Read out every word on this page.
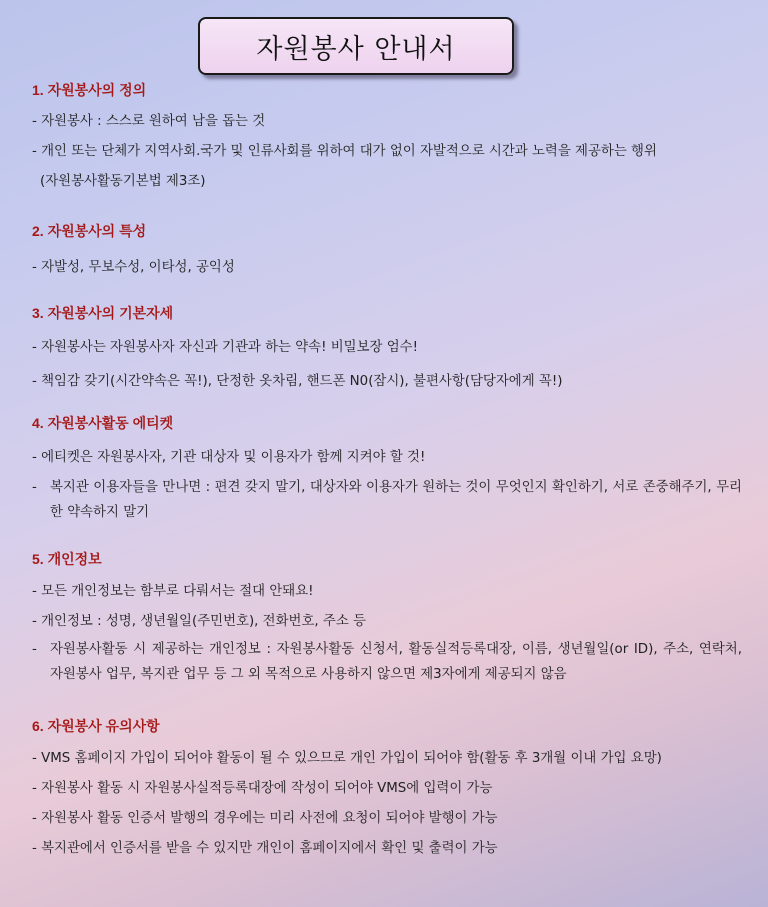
자원봉사 안내서
1. 자원봉사의 정의
- 자원봉사 : 스스로 원하여 남을 돕는 것
- 개인 또는 단체가 지역사회.국가 및 인류사회를 위하여 대가 없이 자발적으로 시간과 노력을 제공하는 행위
(자원봉사활동기본법 제3조)
2. 자원봉사의 특성
- 자발성, 무보수성, 이타성, 공익성
3. 자원봉사의 기본자세
- 자원봉사는 자원봉사자 자신과 기관과 하는 약속! 비밀보장 엄수!
- 책임감 갖기(시간약속은 꼭!), 단정한 옷차림, 핸드폰 N0(잠시), 불편사항(담당자에게 꼭!)
4. 자원봉사활동 에티켓
- 에티켓은 자원봉사자, 기관 대상자 및 이용자가 함께 지켜야 할 것!
- 복지관 이용자들을 만나면 : 편견 갖지 말기, 대상자와 이용자가 원하는 것이 무엇인지 확인하기, 서로 존중해주기, 무리한 약속하지 말기
5. 개인정보
- 모든 개인정보는 함부로 다뤄서는 절대 안돼요!
- 개인정보 : 성명, 생년월일(주민번호), 전화번호, 주소 등
- 자원봉사활동 시 제공하는 개인정보 : 자원봉사활동 신청서, 활동실적등록대장, 이름, 생년월일(or ID), 주소, 연락처, 자원봉사 업무, 복지관 업무 등 그 외 목적으로 사용하지 않으면 제3자에게 제공되지 않음
6. 자원봉사 유의사항
- VMS 홈페이지 가입이 되어야 활동이 될 수 있으므로 개인 가입이 되어야 함(활동 후 3개월 이내 가입 요망)
- 자원봉사 활동 시 자원봉사실적등록대장에 작성이 되어야 VMS에 입력이 가능
- 자원봉사 활동 인증서 발행의 경우에는 미리 사전에 요청이 되어야 발행이 가능
- 복지관에서 인증서를 받을 수 있지만 개인이 홈페이지에서 확인 및 출력이 가능
